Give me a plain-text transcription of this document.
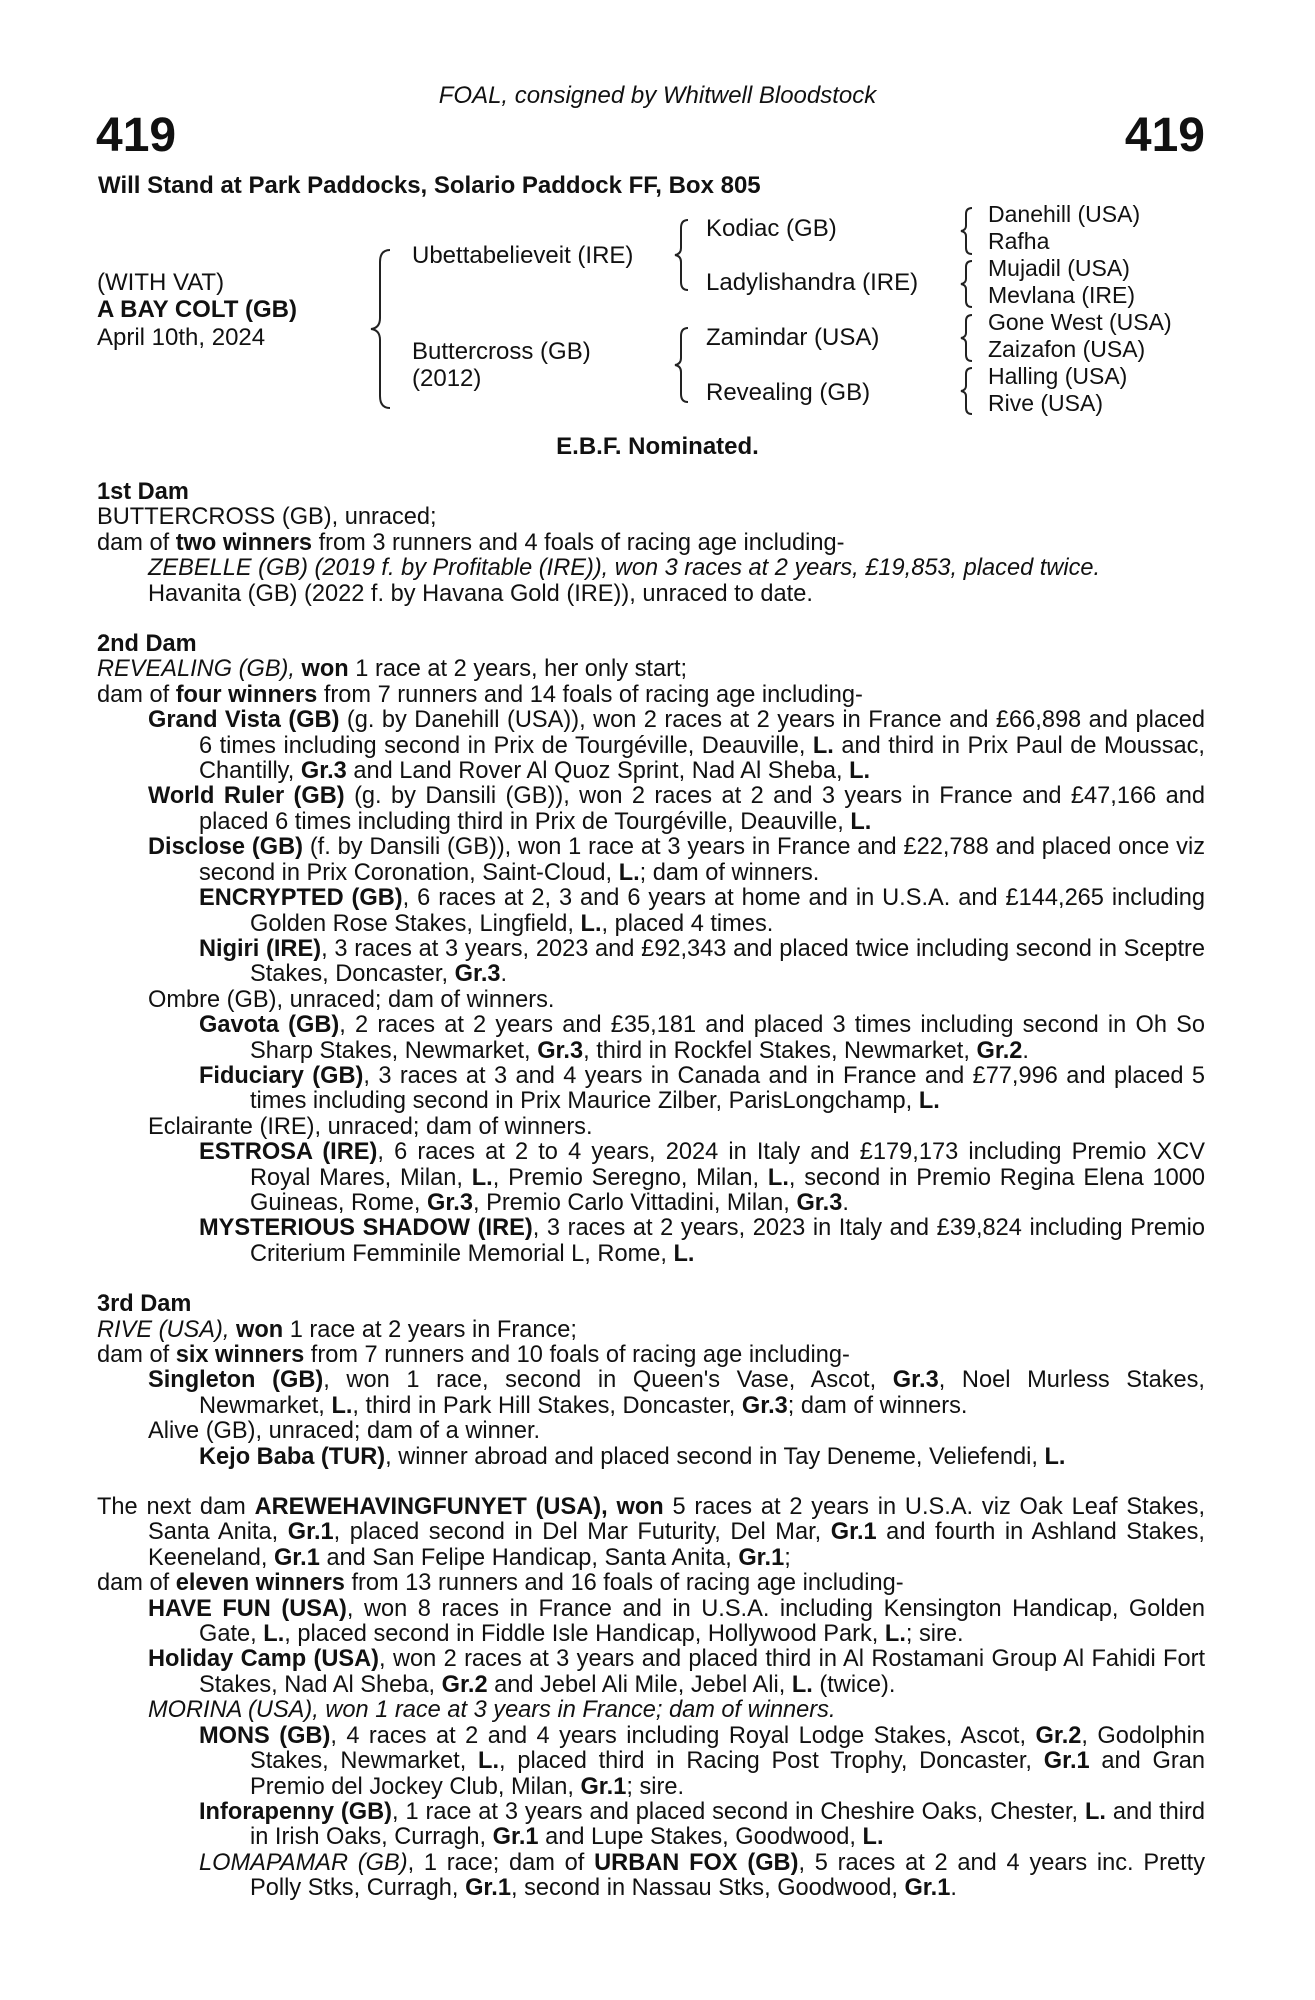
FOAL, consigned by Whitwell Bloodstock
419	419
Will Stand at Park Paddocks, Solario Paddock FF, Box 805
(WITH VAT)
A BAY COLT (GB)
April 10th, 2024
Ubettabelieveit (IRE)
Buttercross (GB)
(2012)
Kodiac (GB)
Ladylishandra (IRE)
Zamindar (USA)
Revealing (GB)
Danehill (USA)
Rafha
Mujadil (USA)
Mevlana (IRE)
Gone West (USA)
Zaizafon (USA)
Halling (USA)
Rive (USA)
E.B.F. Nominated.
1st Dam
BUTTERCROSS (GB), unraced;
dam of two winners from 3 runners and 4 foals of racing age including-
ZEBELLE (GB) (2019 f. by Profitable (IRE)), won 3 races at 2 years, £19,853, placed twice.
Havanita (GB) (2022 f. by Havana Gold (IRE)), unraced to date.
2nd Dam
REVEALING (GB), won 1 race at 2 years, her only start;
dam of four winners from 7 runners and 14 foals of racing age including-
Grand Vista (GB) (g. by Danehill (USA)), won 2 races at 2 years in France and £66,898 and placed 6 times including second in Prix de Tourgéville, Deauville, L. and third in Prix Paul de Moussac, Chantilly, Gr.3 and Land Rover Al Quoz Sprint, Nad Al Sheba, L.
World Ruler (GB) (g. by Dansili (GB)), won 2 races at 2 and 3 years in France and £47,166 and placed 6 times including third in Prix de Tourgéville, Deauville, L.
Disclose (GB) (f. by Dansili (GB)), won 1 race at 3 years in France and £22,788 and placed once viz second in Prix Coronation, Saint-Cloud, L.; dam of winners.
ENCRYPTED (GB), 6 races at 2, 3 and 6 years at home and in U.S.A. and £144,265 including Golden Rose Stakes, Lingfield, L., placed 4 times.
Nigiri (IRE), 3 races at 3 years, 2023 and £92,343 and placed twice including second in Sceptre Stakes, Doncaster, Gr.3.
Ombre (GB), unraced; dam of winners.
Gavota (GB), 2 races at 2 years and £35,181 and placed 3 times including second in Oh So Sharp Stakes, Newmarket, Gr.3, third in Rockfel Stakes, Newmarket, Gr.2.
Fiduciary (GB), 3 races at 3 and 4 years in Canada and in France and £77,996 and placed 5 times including second in Prix Maurice Zilber, ParisLongchamp, L.
Eclairante (IRE), unraced; dam of winners.
ESTROSA (IRE), 6 races at 2 to 4 years, 2024 in Italy and £179,173 including Premio XCV Royal Mares, Milan, L., Premio Seregno, Milan, L., second in Premio Regina Elena 1000 Guineas, Rome, Gr.3, Premio Carlo Vittadini, Milan, Gr.3.
MYSTERIOUS SHADOW (IRE), 3 races at 2 years, 2023 in Italy and £39,824 including Premio Criterium Femminile Memorial L, Rome, L.
3rd Dam
RIVE (USA), won 1 race at 2 years in France;
dam of six winners from 7 runners and 10 foals of racing age including-
Singleton (GB), won 1 race, second in Queen's Vase, Ascot, Gr.3, Noel Murless Stakes, Newmarket, L., third in Park Hill Stakes, Doncaster, Gr.3; dam of winners.
Alive (GB), unraced; dam of a winner.
Kejo Baba (TUR), winner abroad and placed second in Tay Deneme, Veliefendi, L.
The next dam AREWEHAVINGFUNYET (USA), won 5 races at 2 years in U.S.A. viz Oak Leaf Stakes, Santa Anita, Gr.1, placed second in Del Mar Futurity, Del Mar, Gr.1 and fourth in Ashland Stakes, Keeneland, Gr.1 and San Felipe Handicap, Santa Anita, Gr.1;
dam of eleven winners from 13 runners and 16 foals of racing age including-
HAVE FUN (USA), won 8 races in France and in U.S.A. including Kensington Handicap, Golden Gate, L., placed second in Fiddle Isle Handicap, Hollywood Park, L.; sire.
Holiday Camp (USA), won 2 races at 3 years and placed third in Al Rostamani Group Al Fahidi Fort Stakes, Nad Al Sheba, Gr.2 and Jebel Ali Mile, Jebel Ali, L. (twice).
MORINA (USA), won 1 race at 3 years in France; dam of winners.
MONS (GB), 4 races at 2 and 4 years including Royal Lodge Stakes, Ascot, Gr.2, Godolphin Stakes, Newmarket, L., placed third in Racing Post Trophy, Doncaster, Gr.1 and Gran Premio del Jockey Club, Milan, Gr.1; sire.
Inforapenny (GB), 1 race at 3 years and placed second in Cheshire Oaks, Chester, L. and third in Irish Oaks, Curragh, Gr.1 and Lupe Stakes, Goodwood, L.
LOMAPAMAR (GB), 1 race; dam of URBAN FOX (GB), 5 races at 2 and 4 years inc. Pretty Polly Stks, Curragh, Gr.1, second in Nassau Stks, Goodwood, Gr.1.
